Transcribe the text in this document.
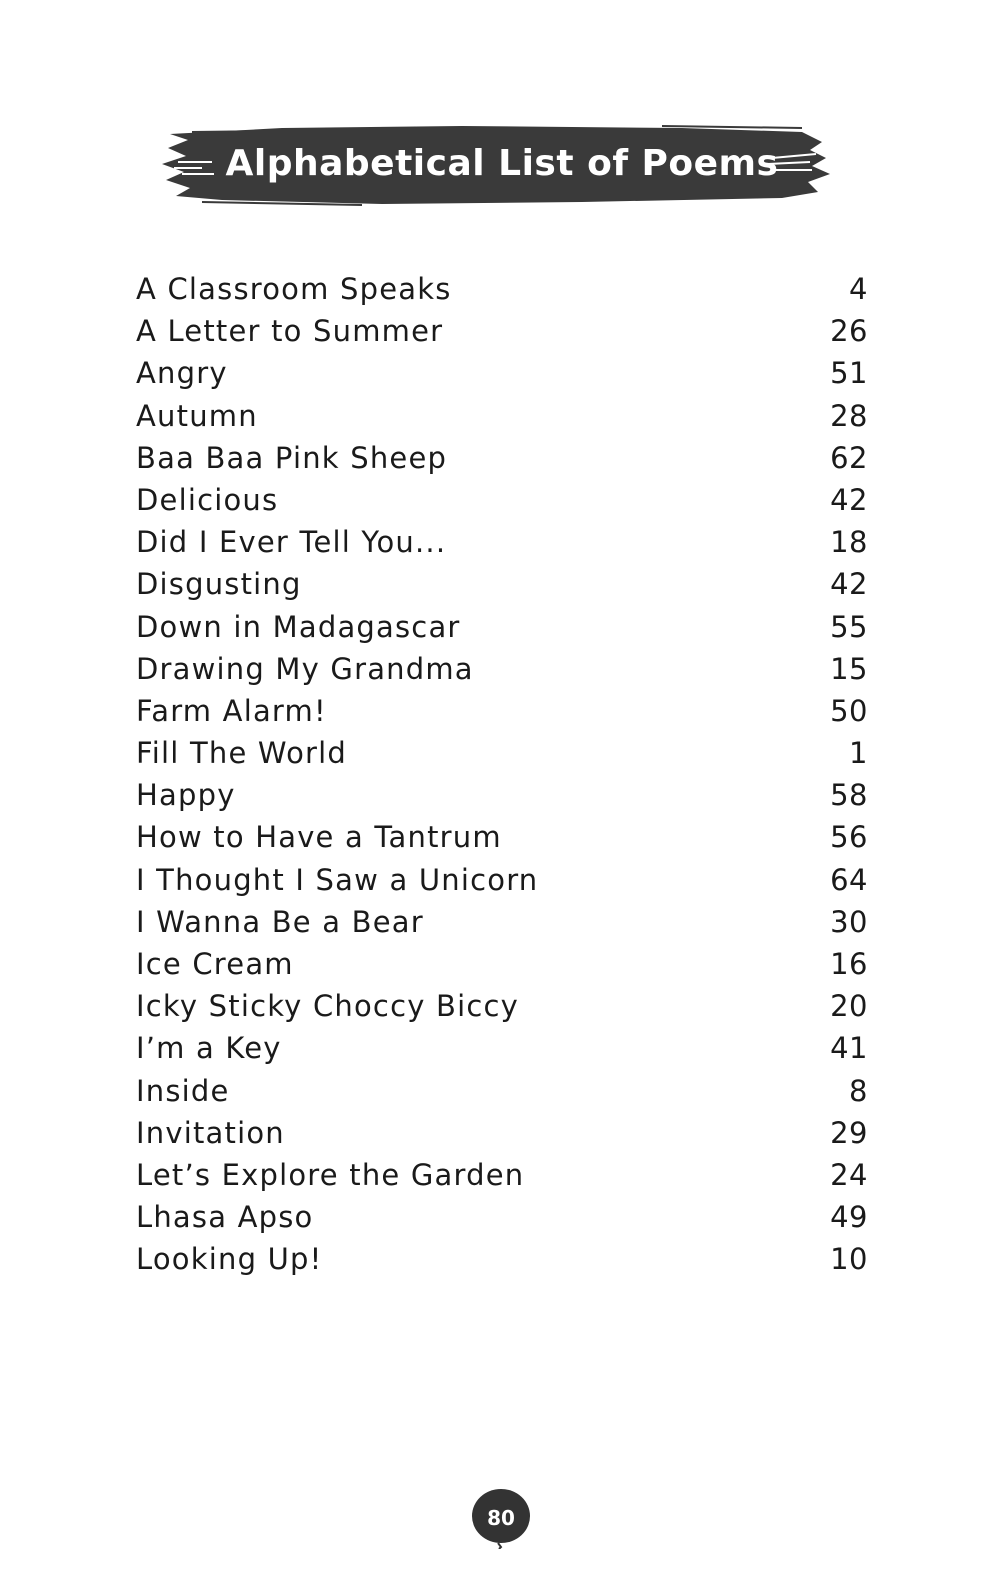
Alphabetical List of Poems
A Classroom Speaks	4
A Letter to Summer	26
Angry	51
Autumn	28
Baa Baa Pink Sheep	62
Delicious	42
Did I Ever Tell You...	18
Disgusting	42
Down in Madagascar	55
Drawing My Grandma	15
Farm Alarm!	50
Fill The World	1
Happy	58
How to Have a Tantrum	56
I Thought I Saw a Unicorn	64
I Wanna Be a Bear	30
Ice Cream	16
Icky Sticky Choccy Biccy	20
I’m a Key	41
Inside	8
Invitation	29
Let’s Explore the Garden	24
Lhasa Apso	49
Looking Up!	10
80
